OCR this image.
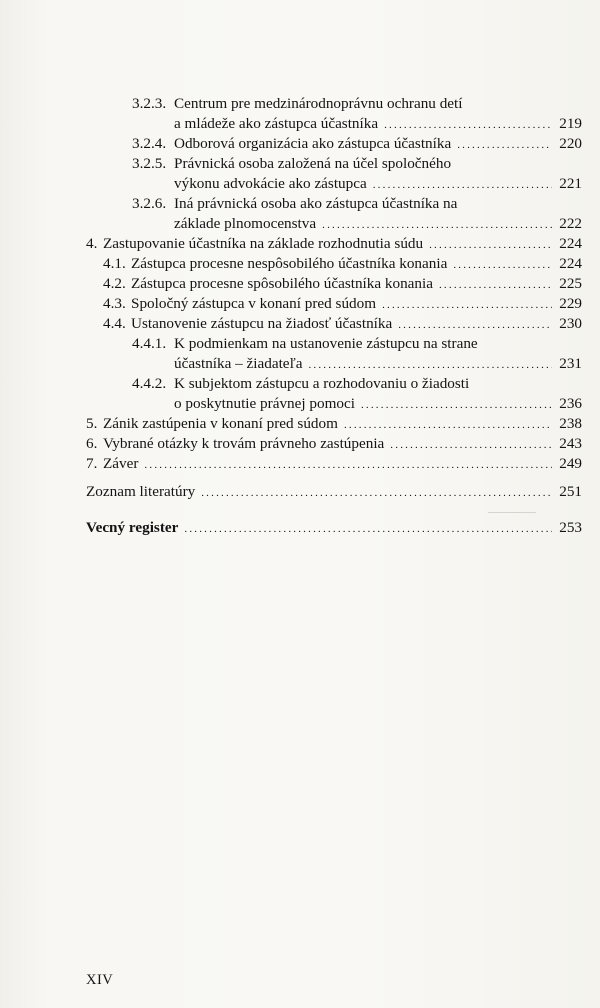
3.2.3. Centrum pre medzinárodnoprávnu ochranu detí
a mládeže ako zástupca účastníka .....	219
3.2.4. Odborová organizácia ako zástupca účastníka .....	220
3.2.5. Právnická osoba založená na účel spoločného
výkonu advokácie ako zástupca .....	221
3.2.6. Iná právnická osoba ako zástupca účastníka na
základe plnomocenstva .....	222
4. Zastupovanie účastníka na základe rozhodnutia súdu .....	224
4.1. Zástupca procesne nespôsobilého účastníka konania .....	224
4.2. Zástupca procesne spôsobilého účastníka konania .....	225
4.3. Spoločný zástupca v konaní pred súdom .....	229
4.4. Ustanovenie zástupcu na žiadosť účastníka .....	230
4.4.1. K podmienkam na ustanovenie zástupcu na strane
účastníka – žiadateľa .....	231
4.4.2. K subjektom zástupcu a rozhodovaniu o žiadosti
o poskytnutie právnej pomoci .....	236
5. Zánik zastúpenia v konaní pred súdom .....	238
6. Vybrané otázky k trovám právneho zastúpenia .....	243
7. Záver .....	249
Zoznam literatúry .....	251
Vecný register .....	253
XIV
